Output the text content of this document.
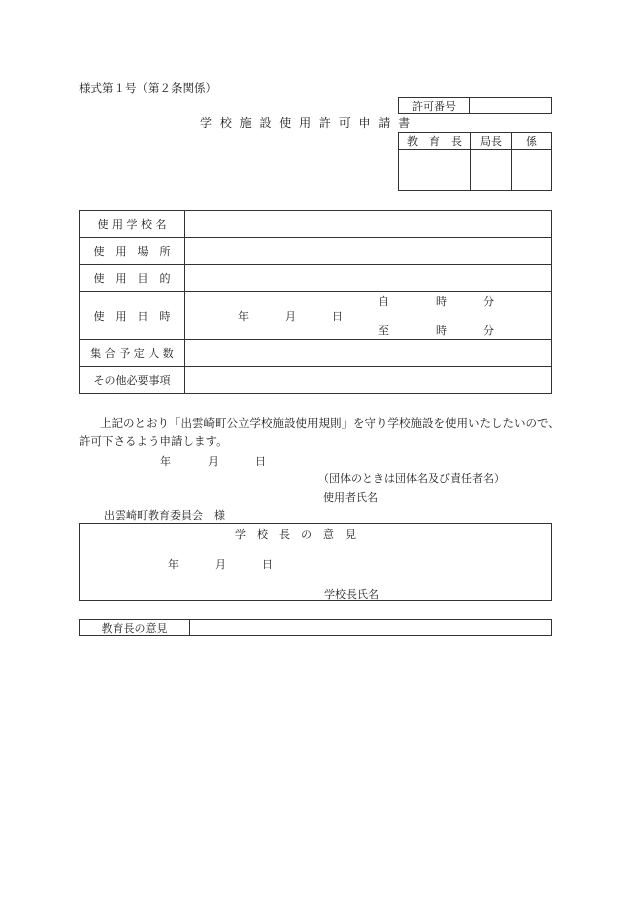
様式第１号（第２条関係）
許可番号
学 校 施 設 使 用 許 可 申 請 書
教　育　長	局長	係
使 用 学 校 名
使　用　場　所
使　用　目　的
使　用　日　時	年	月	日
自	時	分
至	時	分
集 合 予 定 人 数
その他必要事項
上記のとおり「出雲崎町公立学校施設使用規則」を守り学校施設を使用いたしたいので、
許可下さるよう申請します。
年	月	日
（団体のときは団体名及び責任者名）
使用者氏名
出雲崎町教育委員会　様
学　校　長　の　意　見
年	月	日
学校長氏名
教育長の意見
